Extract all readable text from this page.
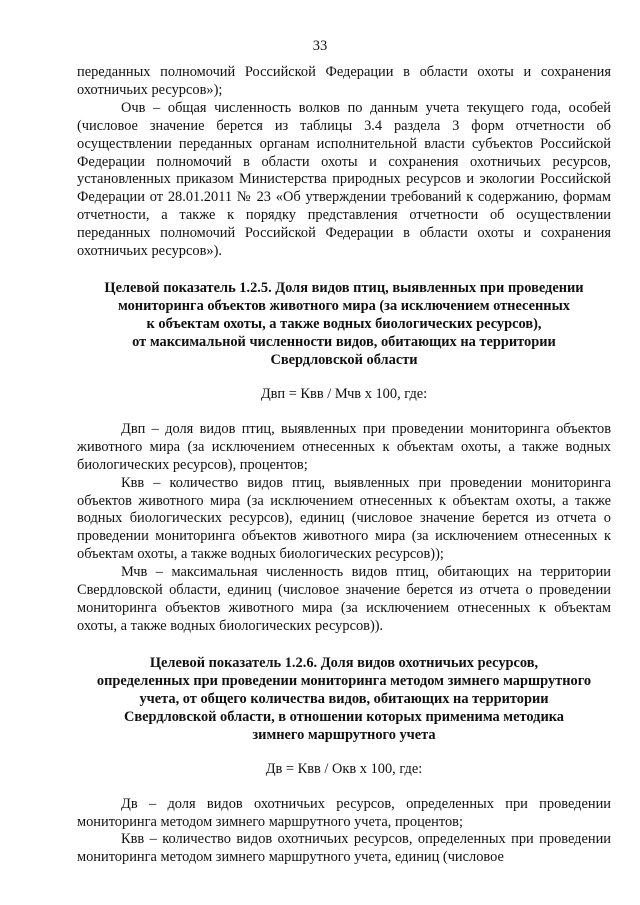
33

переданных полномочий Российской Федерации в области охоты и сохранения охотничьих ресурсов»);

Очв – общая численность волков по данным учета текущего года, особей (числовое значение берется из таблицы 3.4 раздела 3 форм отчетности об осуществлении переданных органам исполнительной власти субъектов Российской Федерации полномочий в области охоты и сохранения охотничьих ресурсов, установленных приказом Министерства природных ресурсов и экологии Российской Федерации от 28.01.2011 № 23 «Об утверждении требований к содержанию, формам отчетности, а также к порядку представления отчетности об осуществлении переданных полномочий Российской Федерации в области охоты и сохранения охотничьих ресурсов»).

Целевой показатель 1.2.5. Доля видов птиц, выявленных при проведении
мониторинга объектов животного мира (за исключением отнесенных
к объектам охоты, а также водных биологических ресурсов),
от максимальной численности видов, обитающих на территории
Свердловской области

Двп = Квв / Мчв х 100, где:

Двп – доля видов птиц, выявленных при проведении мониторинга объектов животного мира (за исключением отнесенных к объектам охоты, а также водных биологических ресурсов), процентов;

Квв – количество видов птиц, выявленных при проведении мониторинга объектов животного мира (за исключением отнесенных к объектам охоты, а также водных биологических ресурсов), единиц (числовое значение берется из отчета о проведении мониторинга объектов животного мира (за исключением отнесенных к объектам охоты, а также водных биологических ресурсов));

Мчв – максимальная численность видов птиц, обитающих на территории Свердловской области, единиц (числовое значение берется из отчета о проведении мониторинга объектов животного мира (за исключением отнесенных к объектам охоты, а также водных биологических ресурсов)).

Целевой показатель 1.2.6. Доля видов охотничьих ресурсов,
определенных при проведении мониторинга методом зимнего маршрутного
учета, от общего количества видов, обитающих на территории
Свердловской области, в отношении которых применима методика
зимнего маршрутного учета

Дв = Квв / Окв х 100, где:

Дв – доля видов охотничьих ресурсов, определенных при проведении мониторинга методом зимнего маршрутного учета, процентов;

Квв – количество видов охотничьих ресурсов, определенных при проведении мониторинга методом зимнего маршрутного учета, единиц (числовое
